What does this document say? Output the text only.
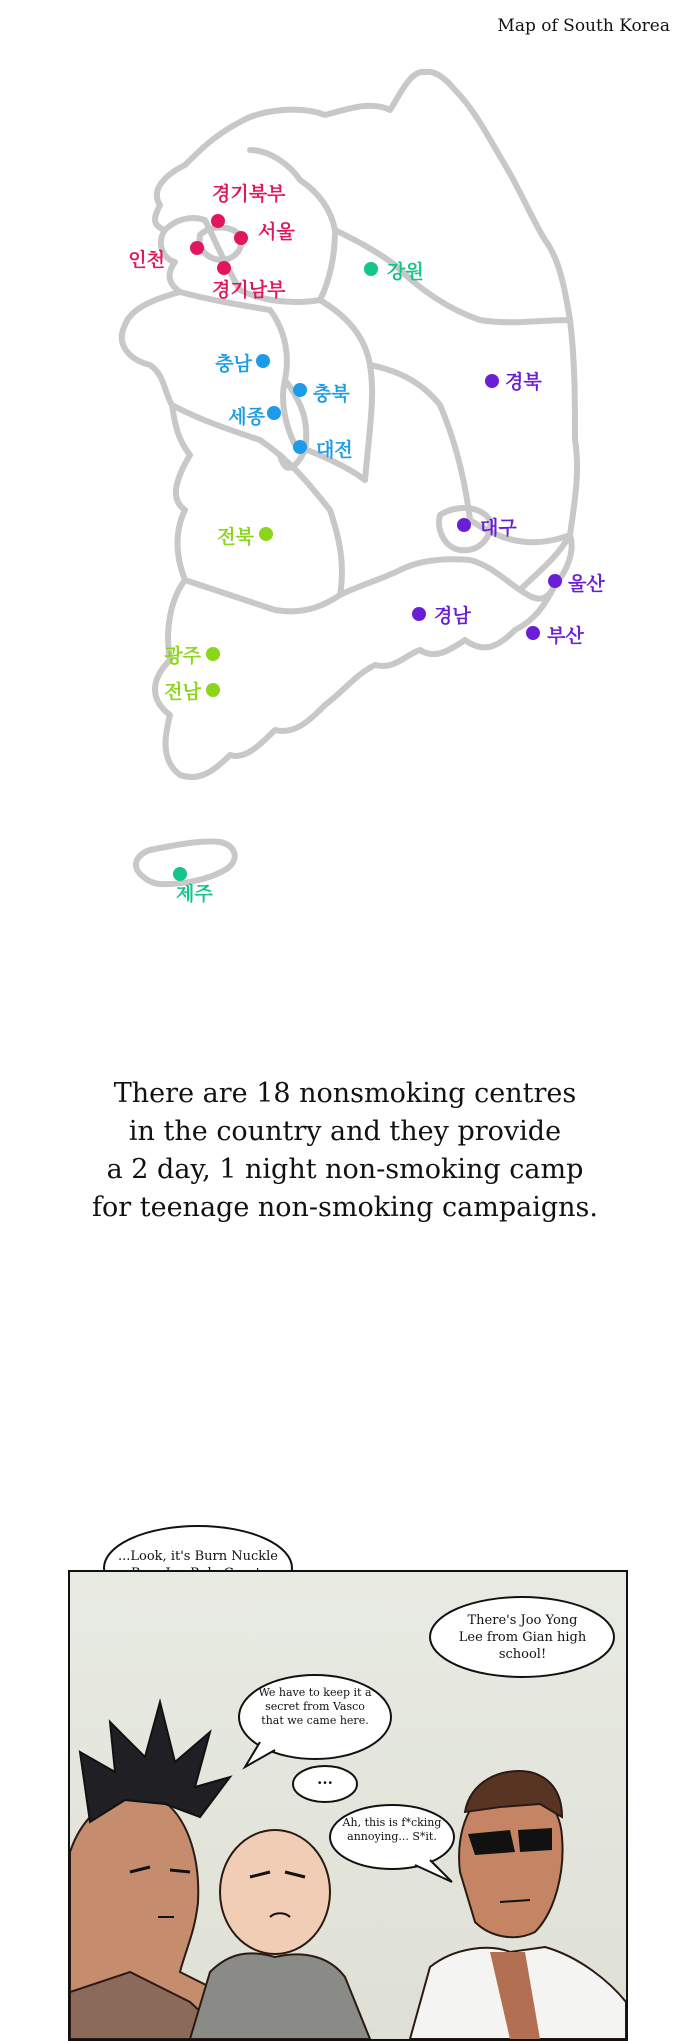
Map of South Korea
경기북부
서울
인천
경기남부
강원
충남
충북
세종
대전
경북
전북	대구
울산
경남
부산
광주
전남
제주
There are 18 nonsmoking centres
in the country and they provide
a 2 day, 1 night non-smoking camp
for teenage non-smoking campaigns.
...Look, it's Burn Nuckle
There's Joo Yong Lee from Gian high school!
We have to keep it a secret from Vasco that we came here.
...
Ah, this is f*cking annoying... S*it.
